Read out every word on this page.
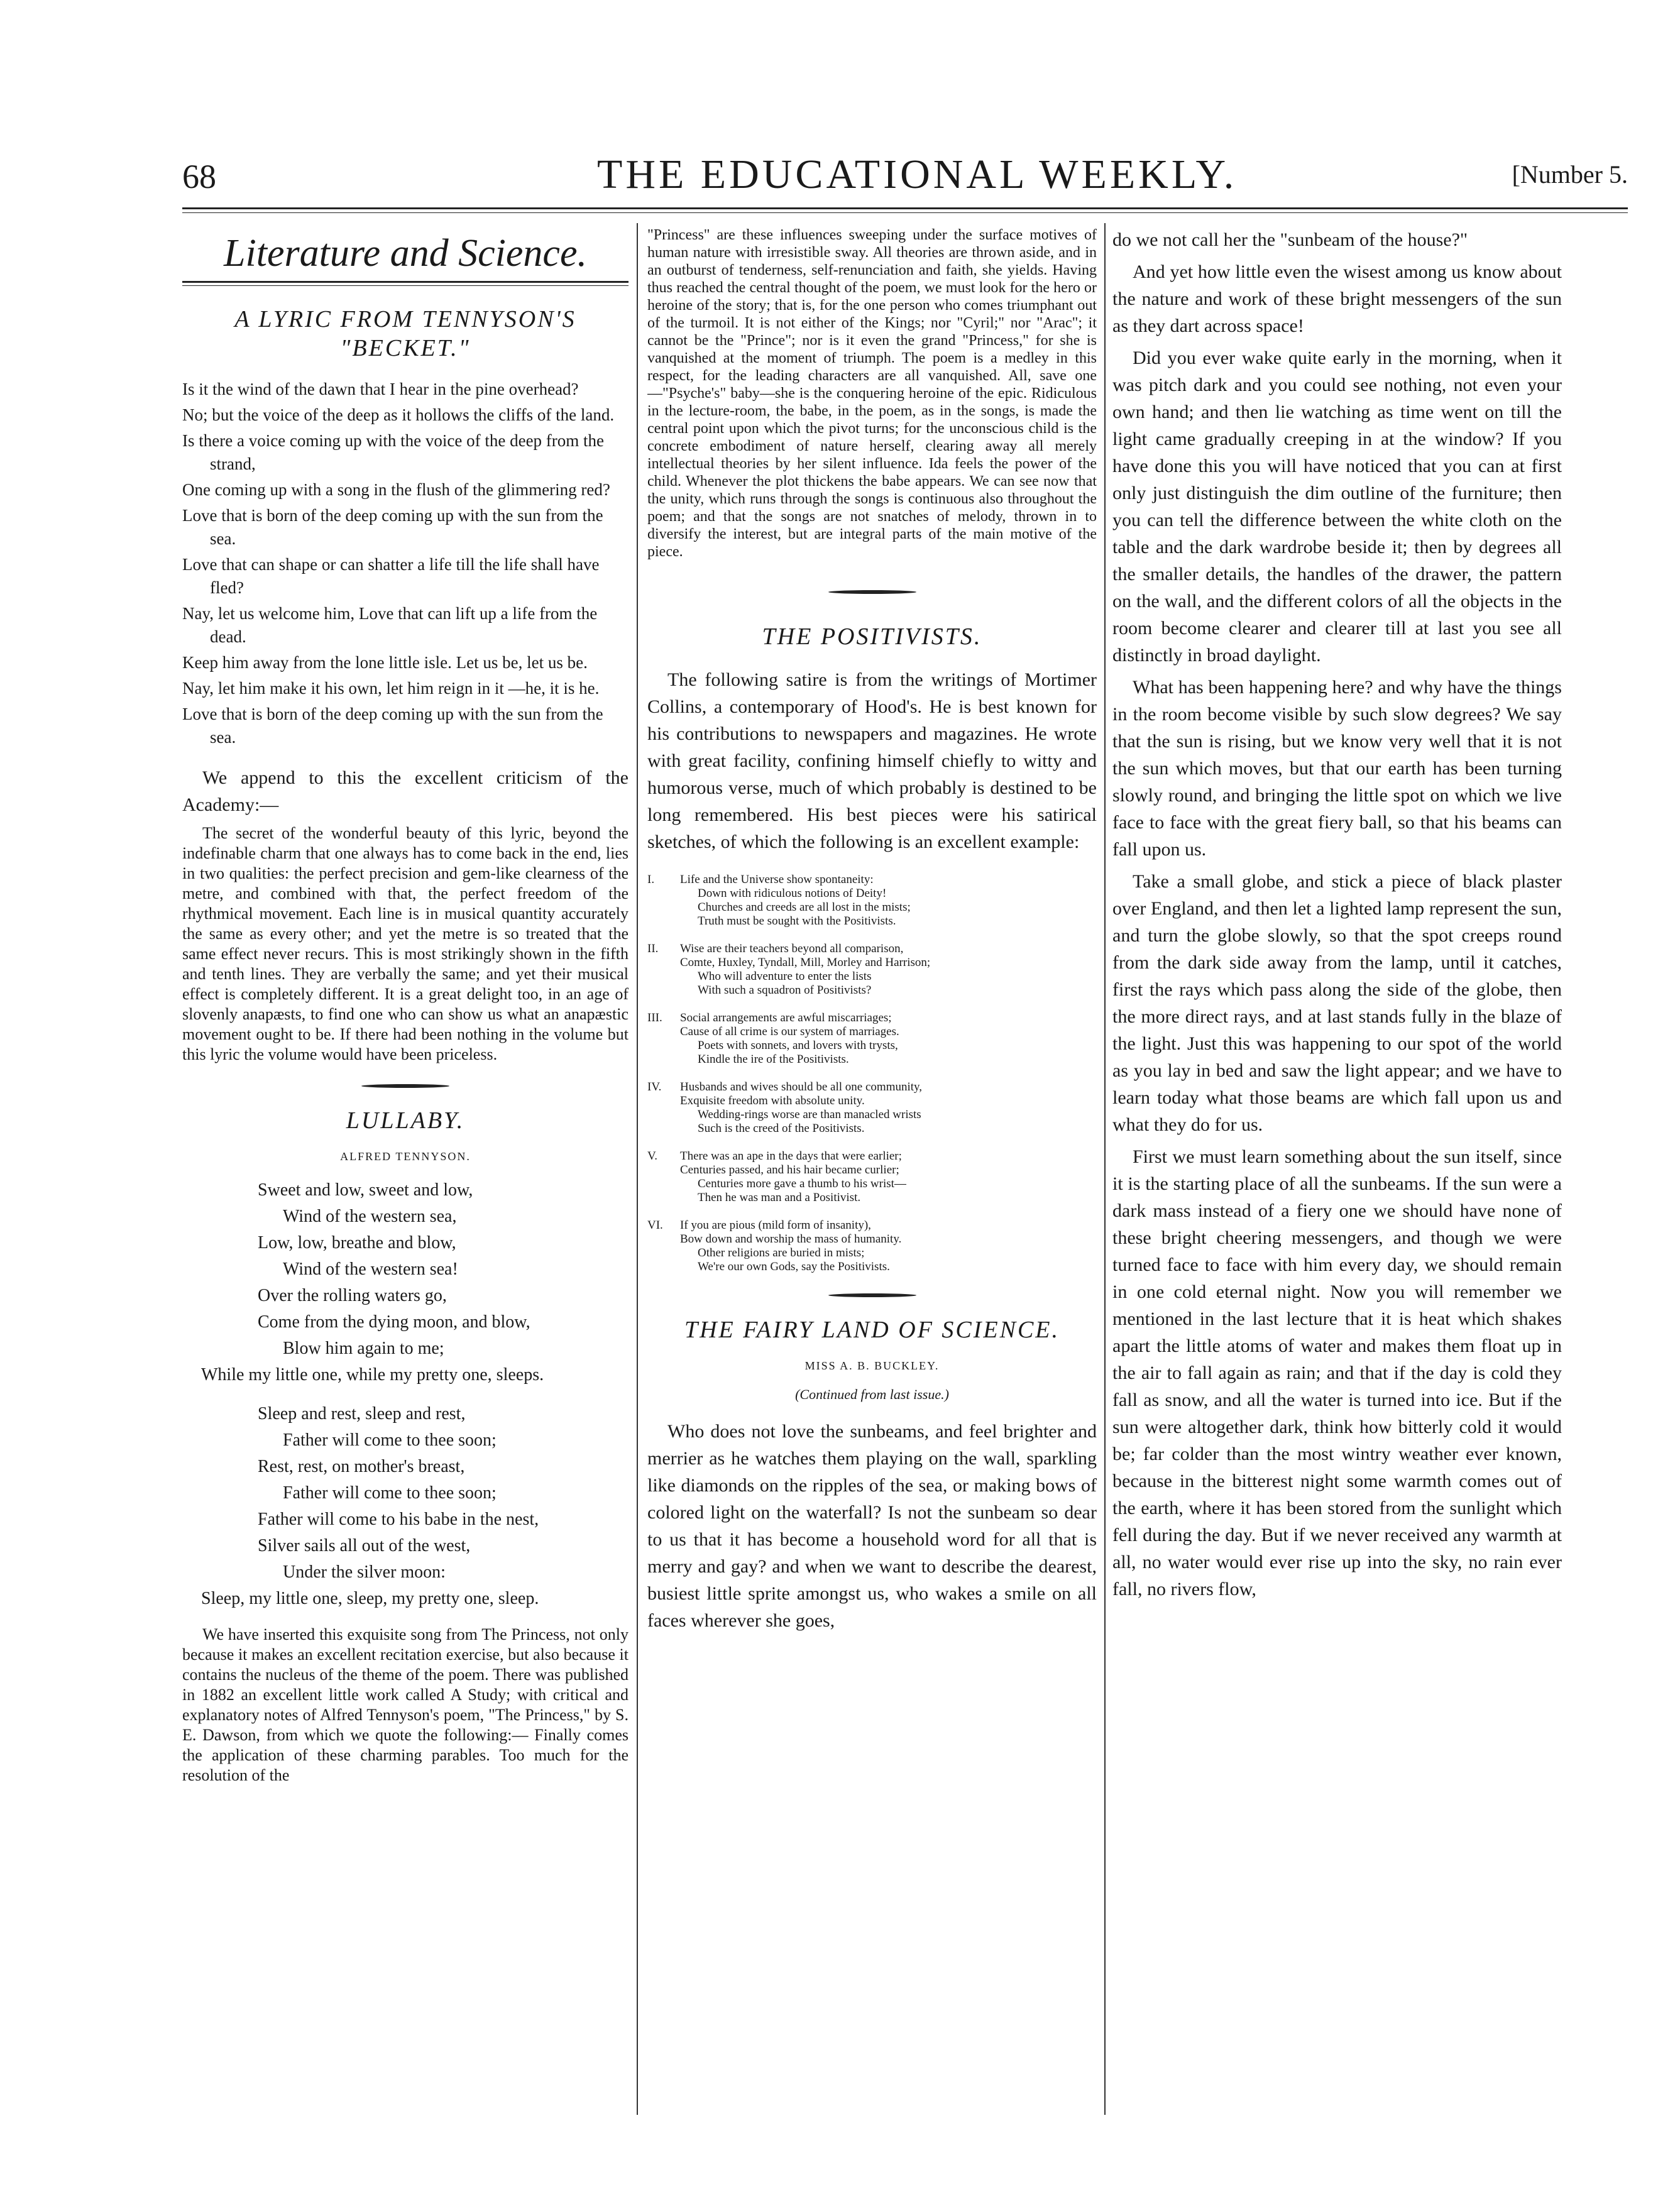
68	THE EDUCATIONAL WEEKLY.	[Number 5.
Literature and Science.
A LYRIC FROM TENNYSON'S "BECKET."

Is it the wind of the dawn that I hear in the pine overhead?

No; but the voice of the deep as it hollows the cliffs of the land.

Is there a voice coming up with the voice of the deep from the strand,

One coming up with a song in the flush of the glimmering red?

Love that is born of the deep coming up with the sun from the sea.

Love that can shape or can shatter a life till the life shall have fled?

Nay, let us welcome him, Love that can lift up a life from the dead.

Keep him away from the lone little isle. Let us be, let us be.

Nay, let him make it his own, let him reign in it —he, it is he.

Love that is born of the deep coming up with the sun from the sea.

We append to this the excellent criticism of the Academy:—

The secret of the wonderful beauty of this lyric, beyond the indefinable charm that one always has to come back in the end, lies in two qualities: the perfect precision and gem-like clearness of the metre, and combined with that, the perfect freedom of the rhythmical movement. Each line is in musical quantity accurately the same as every other; and yet the metre is so treated that the same effect never recurs. This is most strikingly shown in the fifth and tenth lines. They are verbally the same; and yet their musical effect is completely different. It is a great delight too, in an age of slovenly anapæsts, to find one who can show us what an anapæstic movement ought to be. If there had been nothing in the volume but this lyric the volume would have been priceless.

LULLABY.
ALFRED TENNYSON.

Sweet and low, sweet and low,

Wind of the western sea,

Low, low, breathe and blow,

Wind of the western sea!

Over the rolling waters go,

Come from the dying moon, and blow,

Blow him again to me;

While my little one, while my pretty one, sleeps.

Sleep and rest, sleep and rest,

Father will come to thee soon;

Rest, rest, on mother's breast,

Father will come to thee soon;

Father will come to his babe in the nest,

Silver sails all out of the west,

Under the silver moon:

Sleep, my little one, sleep, my pretty one, sleep.

We have inserted this exquisite song from The Princess, not only because it makes an excellent recitation exercise, but also because it contains the nucleus of the theme of the poem. There was published in 1882 an excellent little work called A Study; with critical and explanatory notes of Alfred Tennyson's poem, "The Princess," by S. E. Dawson, from which we quote the following:— Finally comes the application of these charming parables. Too much for the resolution of the

"Princess" are these influences sweeping under the surface motives of human nature with irresistible sway. All theories are thrown aside, and in an outburst of tenderness, self-renunciation and faith, she yields. Having thus reached the central thought of the poem, we must look for the hero or heroine of the story; that is, for the one person who comes triumphant out of the turmoil. It is not either of the Kings; nor "Cyril;" nor "Arac"; it cannot be the "Prince"; nor is it even the grand "Princess," for she is vanquished at the moment of triumph. The poem is a medley in this respect, for the leading characters are all vanquished. All, save one—"Psyche's" baby—she is the conquering heroine of the epic. Ridiculous in the lecture-room, the babe, in the poem, as in the songs, is made the central point upon which the pivot turns; for the unconscious child is the concrete embodiment of nature herself, clearing away all merely intellectual theories by her silent influence. Ida feels the power of the child. Whenever the plot thickens the babe appears. We can see now that the unity, which runs through the songs is continuous also throughout the poem; and that the songs are not snatches of melody, thrown in to diversify the interest, but are integral parts of the main motive of the piece.

THE POSITIVISTS.

The following satire is from the writings of Mortimer Collins, a contemporary of Hood's. He is best known for his contributions to newspapers and magazines. He wrote with great facility, confining himself chiefly to witty and humorous verse, much of which probably is destined to be long remembered. His best pieces were his satirical sketches, of which the following is an excellent example:

I.	Life and the Universe show spontaneity:
Down with ridiculous notions of Deity!
Churches and creeds are all lost in the mists;
Truth must be sought with the Positivists.
II.	Wise are their teachers beyond all comparison,
Comte, Huxley, Tyndall, Mill, Morley and Harrison;
Who will adventure to enter the lists
With such a squadron of Positivists?
III.	Social arrangements are awful miscarriages;
Cause of all crime is our system of marriages.
Poets with sonnets, and lovers with trysts,
Kindle the ire of the Positivists.
IV.	Husbands and wives should be all one community,
Exquisite freedom with absolute unity.
Wedding-rings worse are than manacled wrists
Such is the creed of the Positivists.
V.	There was an ape in the days that were earlier;
Centuries passed, and his hair became curlier;
Centuries more gave a thumb to his wrist—
Then he was man and a Positivist.
VI.	If you are pious (mild form of insanity),
Bow down and worship the mass of humanity.
Other religions are buried in mists;
We're our own Gods, say the Positivists.
THE FAIRY LAND OF SCIENCE.
MISS A. B. BUCKLEY.
(Continued from last issue.)

Who does not love the sunbeams, and feel brighter and merrier as he watches them playing on the wall, sparkling like diamonds on the ripples of the sea, or making bows of colored light on the waterfall? Is not the sunbeam so dear to us that it has become a household word for all that is merry and gay? and when we want to describe the dearest, busiest little sprite amongst us, who wakes a smile on all faces wherever she goes,

do we not call her the "sunbeam of the house?"

And yet how little even the wisest among us know about the nature and work of these bright messengers of the sun as they dart across space!

Did you ever wake quite early in the morning, when it was pitch dark and you could see nothing, not even your own hand; and then lie watching as time went on till the light came gradually creeping in at the window? If you have done this you will have noticed that you can at first only just distinguish the dim outline of the furniture; then you can tell the difference between the white cloth on the table and the dark wardrobe beside it; then by degrees all the smaller details, the handles of the drawer, the pattern on the wall, and the different colors of all the objects in the room become clearer and clearer till at last you see all distinctly in broad daylight.

What has been happening here? and why have the things in the room become visible by such slow degrees? We say that the sun is rising, but we know very well that it is not the sun which moves, but that our earth has been turning slowly round, and bringing the little spot on which we live face to face with the great fiery ball, so that his beams can fall upon us.

Take a small globe, and stick a piece of black plaster over England, and then let a lighted lamp represent the sun, and turn the globe slowly, so that the spot creeps round from the dark side away from the lamp, until it catches, first the rays which pass along the side of the globe, then the more direct rays, and at last stands fully in the blaze of the light. Just this was happening to our spot of the world as you lay in bed and saw the light appear; and we have to learn today what those beams are which fall upon us and what they do for us.

First we must learn something about the sun itself, since it is the starting place of all the sunbeams. If the sun were a dark mass instead of a fiery one we should have none of these bright cheering messengers, and though we were turned face to face with him every day, we should remain in one cold eternal night. Now you will remember we mentioned in the last lecture that it is heat which shakes apart the little atoms of water and makes them float up in the air to fall again as rain; and that if the day is cold they fall as snow, and all the water is turned into ice. But if the sun were altogether dark, think how bitterly cold it would be; far colder than the most wintry weather ever known, because in the bitterest night some warmth comes out of the earth, where it has been stored from the sunlight which fell during the day. But if we never received any warmth at all, no water would ever rise up into the sky, no rain ever fall, no rivers flow,
